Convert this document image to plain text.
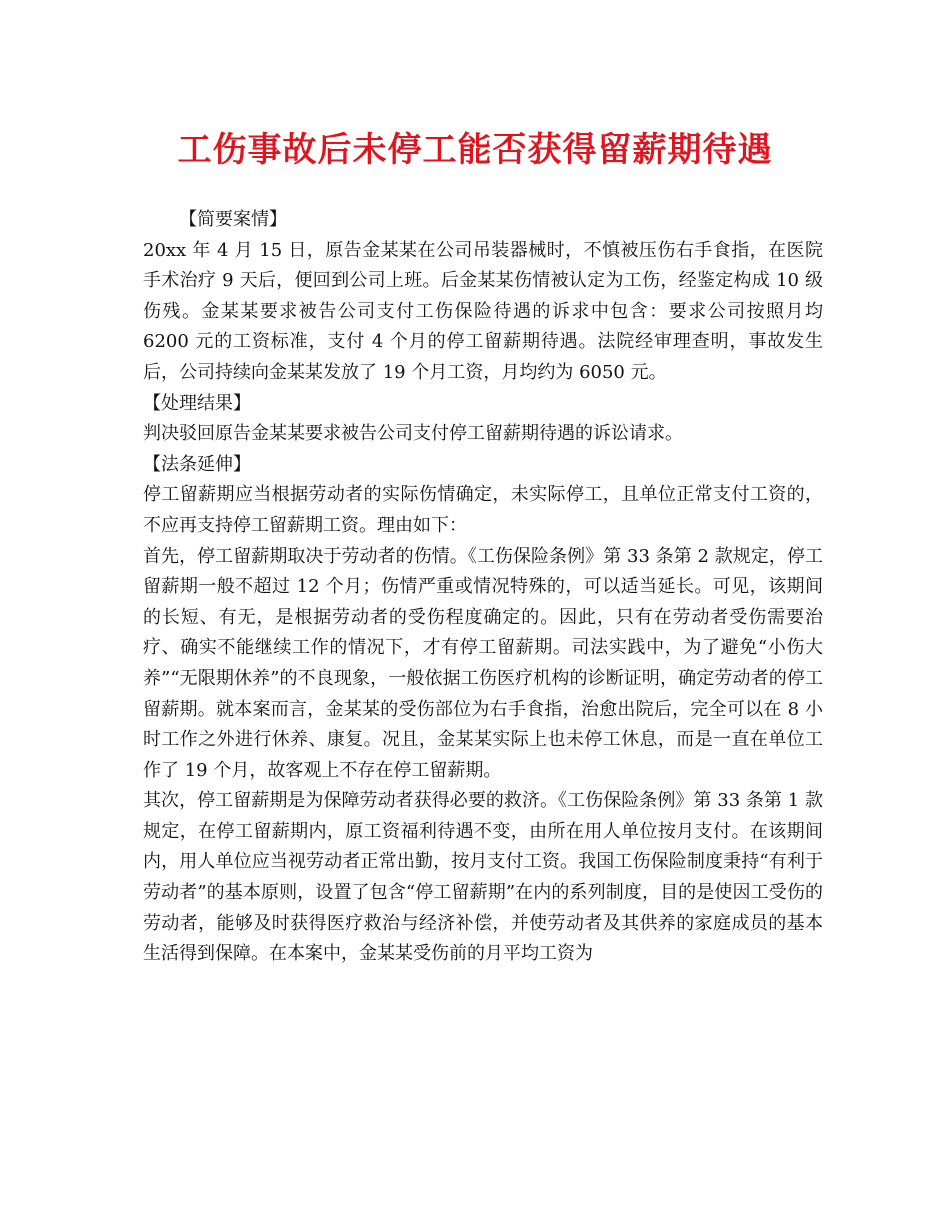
工伤事故后未停工能否获得留薪期待遇

【简要案情】

20xx 年 4 月 15 日，原告金某某在公司吊装器械时，不慎被压伤右手食指，在医院手术治疗 9 天后，便回到公司上班。后金某某伤情被认定为工伤，经鉴定构成 10 级伤残。金某某要求被告公司支付工伤保险待遇的诉求中包含：要求公司按照月均 6200 元的工资标准，支付 4 个月的停工留薪期待遇。法院经审理查明，事故发生后，公司持续向金某某发放了 19 个月工资，月均约为 6050 元。

【处理结果】

判决驳回原告金某某要求被告公司支付停工留薪期待遇的诉讼请求。

【法条延伸】

停工留薪期应当根据劳动者的实际伤情确定，未实际停工，且单位正常支付工资的，不应再支持停工留薪期工资。理由如下：

首先，停工留薪期取决于劳动者的伤情。《工伤保险条例》第 33 条第 2 款规定，停工留薪期一般不超过 12 个月；伤情严重或情况特殊的，可以适当延长。可见，该期间的长短、有无，是根据劳动者的受伤程度确定的。因此，只有在劳动者受伤需要治疗、确实不能继续工作的情况下，才有停工留薪期。司法实践中，为了避免“小伤大养”“无限期休养”的不良现象，一般依据工伤医疗机构的诊断证明，确定劳动者的停工留薪期。就本案而言，金某某的受伤部位为右手食指，治愈出院后，完全可以在 8 小时工作之外进行休养、康复。况且，金某某实际上也未停工休息，而是一直在单位工作了 19 个月，故客观上不存在停工留薪期。

其次，停工留薪期是为保障劳动者获得必要的救济。《工伤保险条例》第 33 条第 1 款规定，在停工留薪期内，原工资福利待遇不变，由所在用人单位按月支付。在该期间内，用人单位应当视劳动者正常出勤，按月支付工资。我国工伤保险制度秉持“有利于劳动者”的基本原则，设置了包含“停工留薪期”在内的系列制度，目的是使因工受伤的劳动者，能够及时获得医疗救治与经济补偿，并使劳动者及其供养的家庭成员的基本生活得到保障。在本案中，金某某受伤前的月平均工资为
